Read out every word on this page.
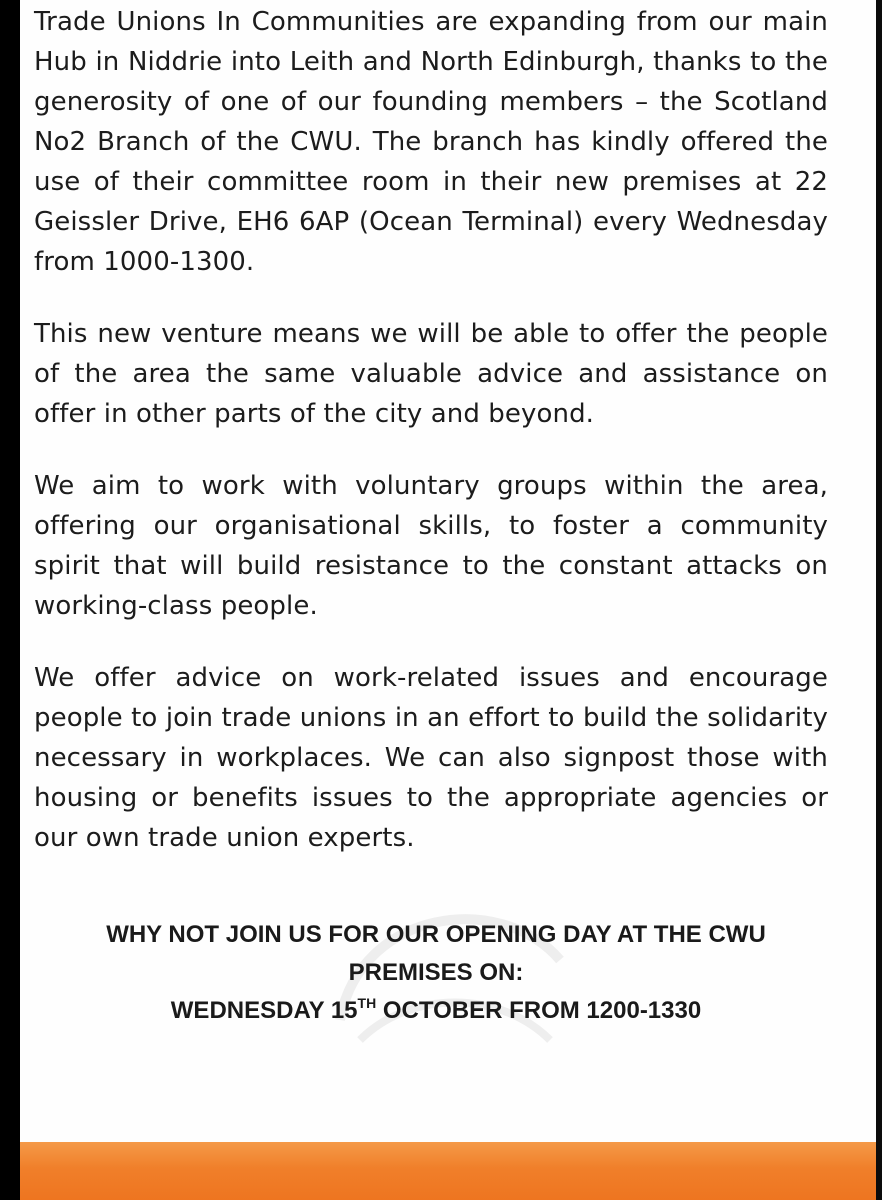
Trade Unions In Communities are expanding from our main Hub in Niddrie into Leith and North Edinburgh, thanks to the generosity of one of our founding members – the Scotland No2 Branch of the CWU. The branch has kindly offered the use of their committee room in their new premises at 22 Geissler Drive, EH6 6AP (Ocean Terminal) every Wednesday from 1000-1300.

This new venture means we will be able to offer the people of the area the same valuable advice and assistance on offer in other parts of the city and beyond.

We aim to work with voluntary groups within the area, offering our organisational skills, to foster a community spirit that will build resistance to the constant attacks on working-class people.

We offer advice on work-related issues and encourage people to join trade unions in an effort to build the solidarity necessary in workplaces. We can also signpost those with housing or benefits issues to the appropriate agencies or our own trade union experts.

WHY NOT JOIN US FOR OUR OPENING DAY AT THE CWU
PREMISES ON:
WEDNESDAY 15TH OCTOBER FROM 1200-1330
